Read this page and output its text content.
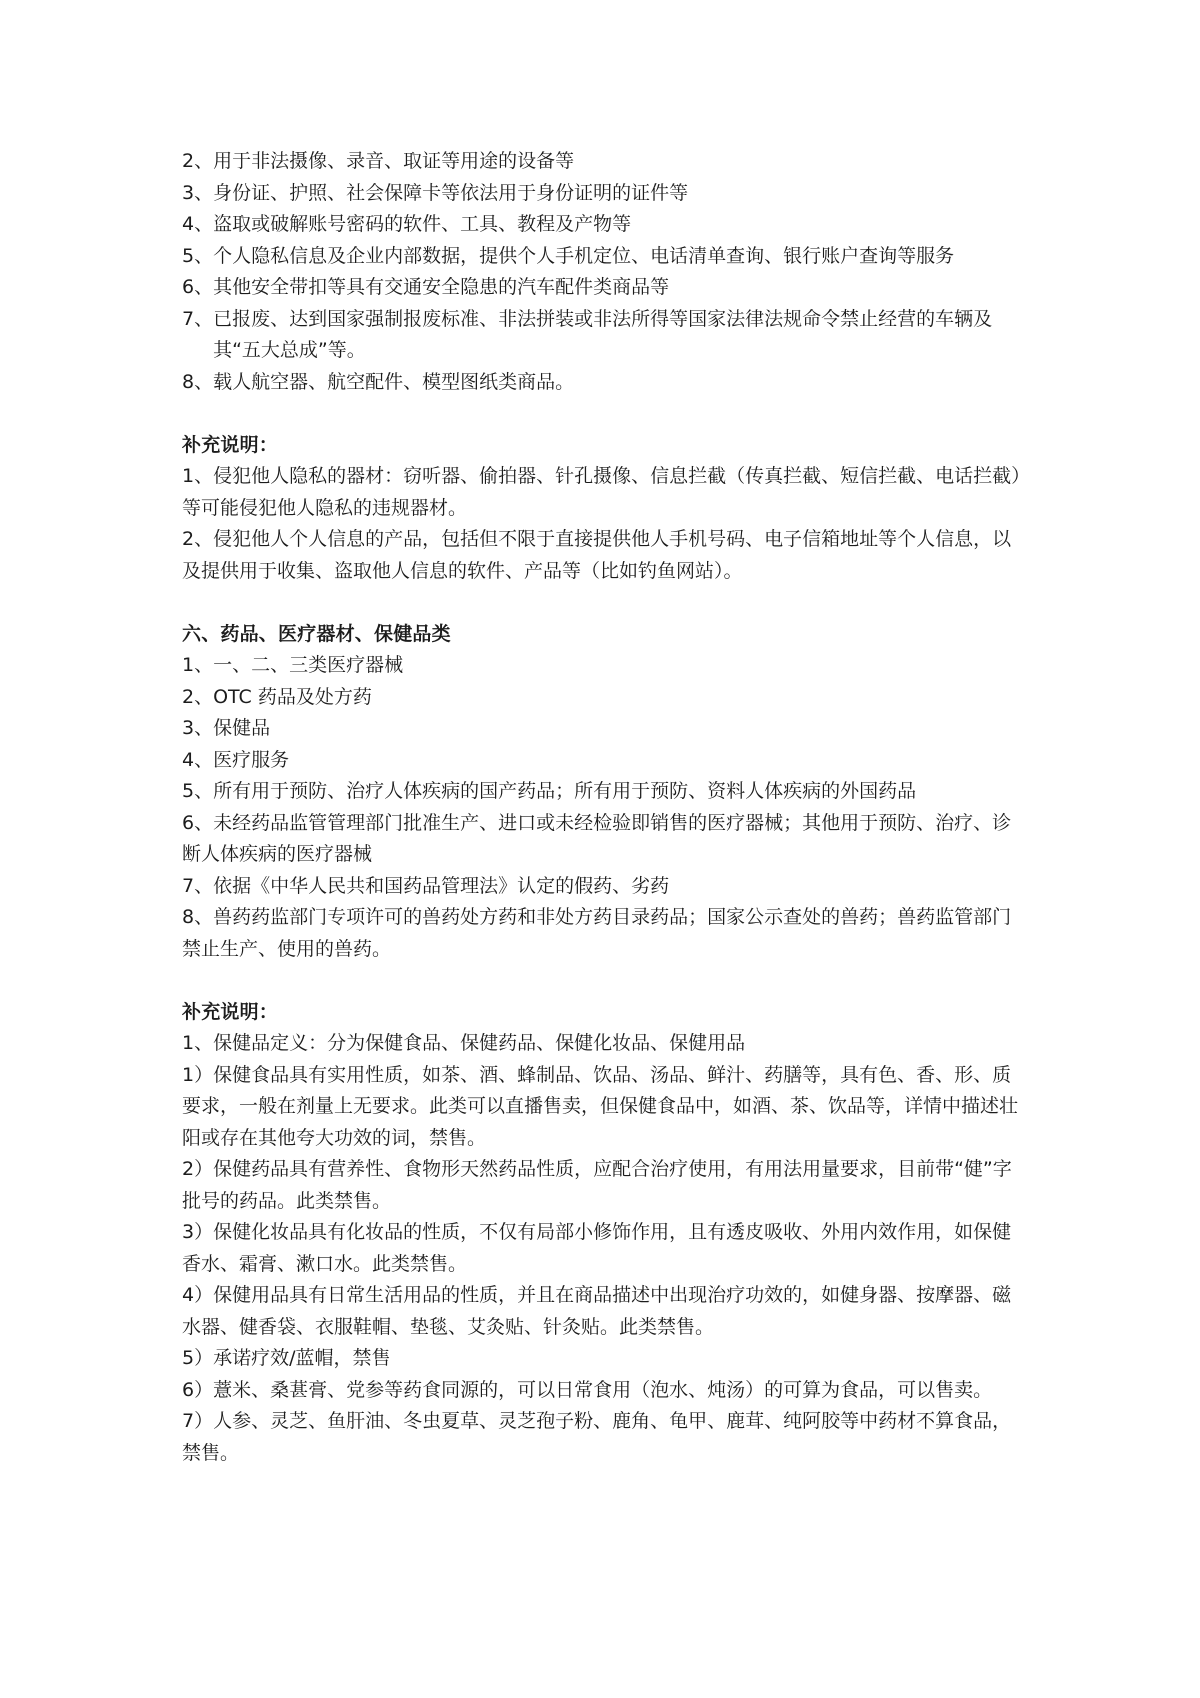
2、 用于非法摄像、录音、取证等用途的设备等
3、 身份证、护照、社会保障卡等依法用于身份证明的证件等
4、 盗取或破解账号密码的软件、工具、教程及产物等
5、 个人隐私信息及企业内部数据，提供个人手机定位、电话清单查询、银行账户查询等服务
6、 其他安全带扣等具有交通安全隐患的汽车配件类商品等
7、 已报废、达到国家强制报废标准、非法拼装或非法所得等国家法律法规命令禁止经营的车辆及其“五大总成”等。
8、 载人航空器、航空配件、模型图纸类商品。

补充说明：

1、侵犯他人隐私的器材：窃听器、偷拍器、针孔摄像、信息拦截（传真拦截、短信拦截、电话拦截）等可能侵犯他人隐私的违规器材。

2、侵犯他人个人信息的产品，包括但不限于直接提供他人手机号码、电子信箱地址等个人信息，以及提供用于收集、盗取他人信息的软件、产品等（比如钓鱼网站）。

六、药品、医疗器材、保健品类

1、一、二、三类医疗器械

2、OTC 药品及处方药

3、保健品

4、医疗服务

5、所有用于预防、治疗人体疾病的国产药品；所有用于预防、资料人体疾病的外国药品

6、未经药品监管管理部门批准生产、进口或未经检验即销售的医疗器械；其他用于预防、治疗、诊断人体疾病的医疗器械

7、依据《中华人民共和国药品管理法》认定的假药、劣药

8、兽药药监部门专项许可的兽药处方药和非处方药目录药品；国家公示查处的兽药；兽药监管部门禁止生产、使用的兽药。

补充说明：

1、保健品定义：分为保健食品、保健药品、保健化妆品、保健用品

1）保健食品具有实用性质，如茶、酒、蜂制品、饮品、汤品、鲜汁、药膳等，具有色、香、形、质要求，一般在剂量上无要求。此类可以直播售卖，但保健食品中，如酒、茶、饮品等，详情中描述壮阳或存在其他夸大功效的词，禁售。

2）保健药品具有营养性、食物形天然药品性质，应配合治疗使用，有用法用量要求，目前带“健”字批号的药品。此类禁售。

3）保健化妆品具有化妆品的性质，不仅有局部小修饰作用，且有透皮吸收、外用内效作用，如保健香水、霜膏、漱口水。此类禁售。

4）保健用品具有日常生活用品的性质，并且在商品描述中出现治疗功效的，如健身器、按摩器、磁水器、健香袋、衣服鞋帽、垫毯、艾灸贴、针灸贴。此类禁售。

5）承诺疗效/蓝帽，禁售

6）薏米、桑葚膏、党参等药食同源的，可以日常食用（泡水、炖汤）的可算为食品，可以售卖。

7）人参、灵芝、鱼肝油、冬虫夏草、灵芝孢子粉、鹿角、龟甲、鹿茸、纯阿胶等中药材不算食品，禁售。
